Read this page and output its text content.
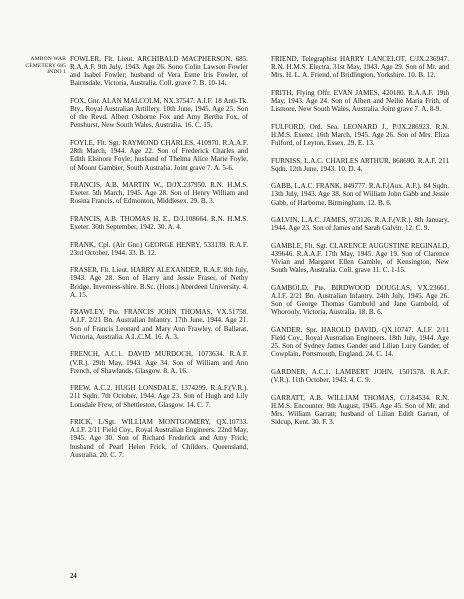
AMBON WAR
CEMETERY 685
INDO 1

FOWLER, Flt. Lieut. ARCHIBALD MACPHERSON, 685. R.A.A.F. 9th July, 1943. Age 26. Sono Colin Lawson Fowler and Isabel Fowler; husband of Vera Esme Iris Fowler, of Bairnsdale, Victoria, Australia. Coll. grave 7. B. 10-14.

FOX, Gnr. ALAN MALCOLM, NX.37547. A.I.F. 18 Anti-Tk. Bty., Royal Australian Artillery. 10th June, 1945. Age 25. Son of the Revd. Albert Osborne Fox and Amy Bertha Fox, of Penshurst, New South Wales, Australia. 16. C. 15.

FOYLE, Flt. Sgt. RAYMOND CHARLES, 410970. R.A.A.F. 28th March, 1944. Age 22. Son of Frederick Charles and Edith Elsinore Foyle; husband of Thelma Alice Marie Foyle, of Mount Gambier, South Australia. Joint grave 7. A. 5-6.

FRANCIS, A.B. MARTIN W., D/JX.237950. R.N. H.M.S. Exeter. 5th March, 1945. Age 28. Son of Henry William and Rosina Francis, of Edmonton, Middlesex. 29. B. 3.

FRANCIS, A.B. THOMAS H. E., D/J.108664. R.N. H.M.S. Exeter. 30th September, 1942. 30. A. 4.

FRANK, Cpl. (Air Gnr.) GEORGE HENRY, 533139. R.A.F. 23rd October, 1944. 33. B. 12.

FRASER, Flt. Lieut. HARRY ALEXANDER, R.A.F. 8th July, 1943. Age 28. Son of Harry and Jessie Fraser, of Nethy Bridge, Inverness-shire. B.Sc. (Hons.) Aberdeen University. 4. A. 15.

FRAWLEY, Pte. FRANCIS JOHN THOMAS, VX.51758. A.I.F. 2/21 Bn. Australian Infantry. 17th June, 1944. Age 21. Son of Francis Leonard and Mary Ann Frawley, of Ballarat, Victoria, Australia. A.L.C.M. 16. A. 3.

FRENCH, A.C.1. DAVID MURDOCH, 1073634. R.A.F.(V.R.). 29th May, 1943. Age 34. Son of William and Ann French, of Shawlands, Glasgow. 8. A. 16.

FREW, A.C.2. HUGH LONSDALE, 1374299. R.A.F.(V.R.). 211 Sqdn. 7th October, 1944. Age 23. Son of Hugh and Lily Lonsdale Frew, of Shettleston, Glasgow. 14. C. 7.

FRICK, L/Sgt. WILLIAM MONTGOMERY, QX.10733. A.I.F. 2/11 Field Coy., Royal Australian Engineers. 22nd May, 1945. Age 30. Son of Richard Frederick and Amy Frick; husband of Pearl Helen Frick, of Childers, Queensland, Australia. 20. C. 7.

FRIEND, Telegraphist HARRY LANCELOT, C/JX.236947. R.N. H.M.S. Electra. 31st May, 1943. Age 29. Son of Mr. and Mrs. H. L. A. Friend, of Bridlington, Yorkshire. 10. B. 12.

FRITH, Flying Offr. EVAN JAMES, 420180. R.A.A.F. 19th May, 1943. Age 24. Son of Albert and Nellie Maria Frith, of Lismore, New South Wales, Australia. Joint grave 7. A. 8-9.

FULFORD, Ord. Sea. LEONARD J., P/JX.286923. R.N. H.M.S. Exeter. 16th March, 1945. Age 26. Son of Mrs. Eliza Fulford, of Leyton, Essex. 29. E. 13.

FURNISS, L.A.C. CHARLES ARTHUR, 868690. R.A.F. 211 Sqdn. 12th June, 1943. 10. D. 4.

GABB, L.A.C. FRANK, 849777. R.A.F.(Aux. A.F.). 84 Sqdn. 13th July, 1943. Age 38. Son of William John Gabb and Jessie Gabb, of Harborne, Birmingham. 12. B. 6.

GALVIN, L.A.C. JAMES, 973126. R.A.F.(V.R.). 8th January, 1944. Age 23. Son of James and Sarah Galvin. 12. C. 9.

GAMBLE, Flt. Sgt. CLARENCE AUGUSTINE REGINALD, 439646. R.A.A.F. 17th May, 1945. Age 19. Son of Clarence Vivian and Margaret Ellen Gamble, of Kensington, New South Wales, Australia. Coll. grave 11. C. 1-15.

GAMBOLD, Pte. BIRDWOOD DOUGLAS, VX.23661. A.I.F. 2/21 Bn. Australian Infantry. 24th July, 1945. Age 26. Son of George Thomas Gambold and Jane Gambold, of Whorouly, Victoria, Australia. 18. B. 6.

GANDER, Spr. HAROLD DAVID, QX.10747. A.I.F. 2/11 Field Coy., Royal Australian Engineers. 18th July, 1944. Age 25. Son of Sydney James Gander and Lilian Lucy Gander, of Cowplain, Portsmouth, England. 24. C. 14.

GARDNER, A.C.1. LAMBERT JOHN, 1501578. R.A.F.(V.R.). 11th October, 1943. 4. C. 9.

GARRATT, A.B. WILLIAM THOMAS, C/J.84534. R.N. H.M.S. Encounter. 9th August, 1945. Age 45. Son of Mr. and Mrs. William Garratt; husband of Lilian Edith Garratt, of Sidcup, Kent. 30. F. 3.

24
